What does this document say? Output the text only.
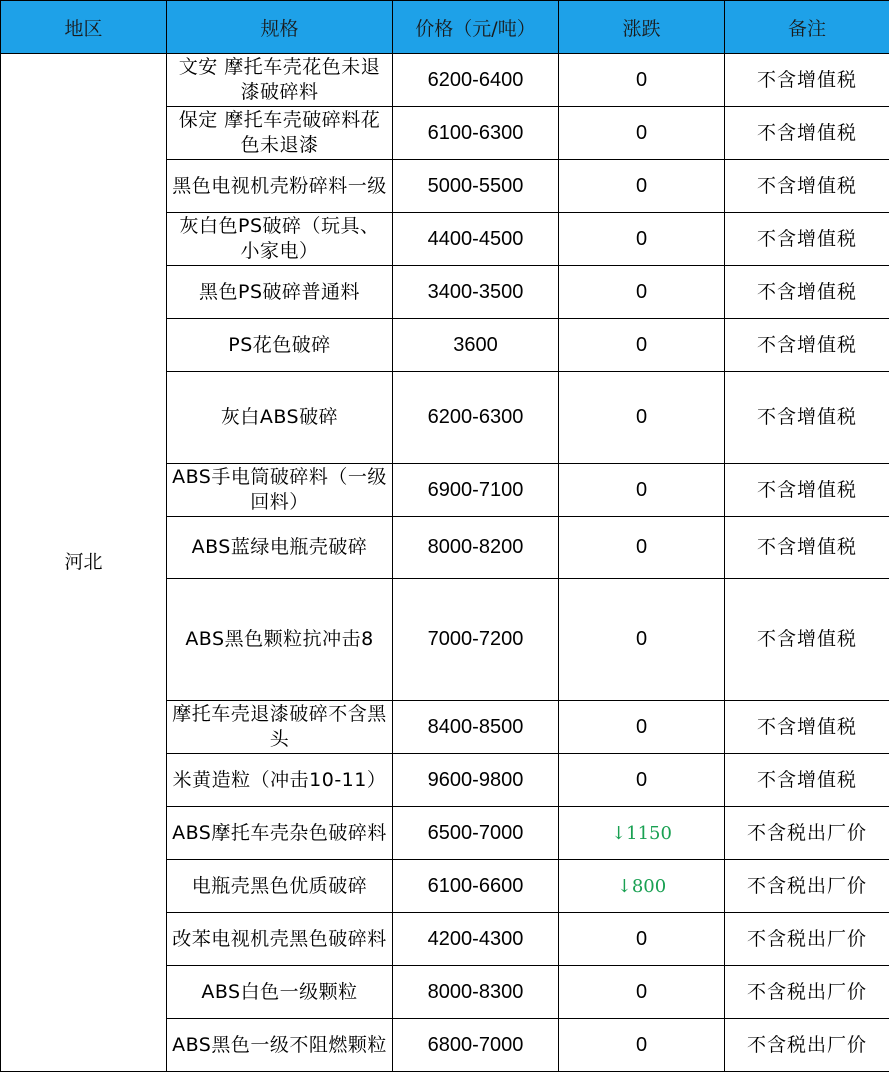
地区	规格	价格（元/吨）	涨跌	备注
河北	文安 摩托车壳花色未退漆破碎料	6200-6400	0	不含增值税
	保定 摩托车壳破碎料花色未退漆	6100-6300	0	不含增值税
	黑色电视机壳粉碎料一级	5000-5500	0	不含增值税
	灰白色PS破碎（玩具、小家电）	4400-4500	0	不含增值税
	黑色PS破碎普通料	3400-3500	0	不含增值税
	PS花色破碎	3600	0	不含增值税
	灰白ABS破碎	6200-6300	0	不含增值税
	ABS手电筒破碎料（一级回料）	6900-7100	0	不含增值税
	ABS蓝绿电瓶壳破碎	8000-8200	0	不含增值税
	ABS黑色颗粒抗冲击8	7000-7200	0	不含增值税
	摩托车壳退漆破碎不含黑头	8400-8500	0	不含增值税
	米黄造粒（冲击10-11）	9600-9800	0	不含增值税
	ABS摩托车壳杂色破碎料	6500-7000	↓1150	不含税出厂价
	电瓶壳黑色优质破碎	6100-6600	↓800	不含税出厂价
	改苯电视机壳黑色破碎料	4200-4300	0	不含税出厂价
	ABS白色一级颗粒	8000-8300	0	不含税出厂价
	ABS黑色一级不阻燃颗粒	6800-7000	0	不含税出厂价
